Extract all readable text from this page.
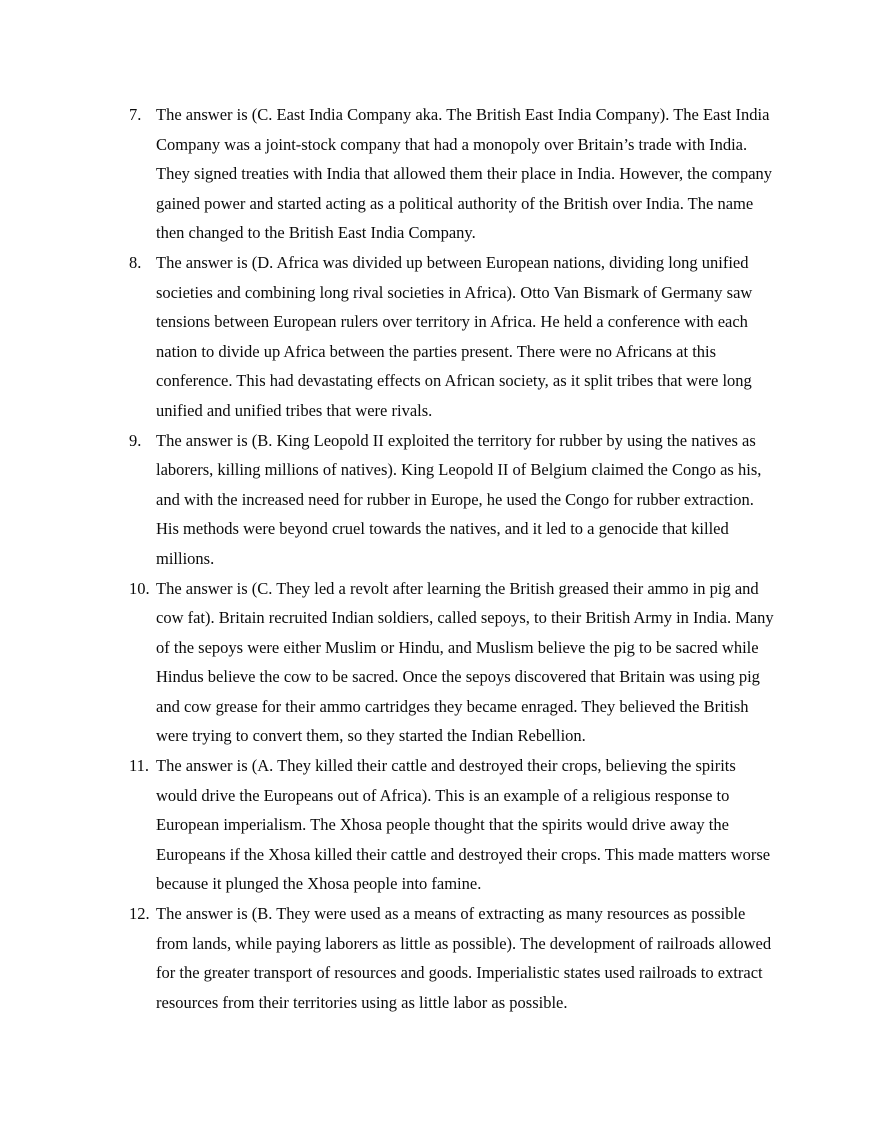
7. The answer is (C. East India Company aka. The British East India Company). The East India Company was a joint-stock company that had a monopoly over Britain’s trade with India. They signed treaties with India that allowed them their place in India. However, the company gained power and started acting as a political authority of the British over India. The name then changed to the British East India Company.
8. The answer is (D. Africa was divided up between European nations, dividing long unified societies and combining long rival societies in Africa). Otto Van Bismark of Germany saw tensions between European rulers over territory in Africa. He held a conference with each nation to divide up Africa between the parties present. There were no Africans at this conference. This had devastating effects on African society, as it split tribes that were long unified and unified tribes that were rivals.
9. The answer is (B. King Leopold II exploited the territory for rubber by using the natives as laborers, killing millions of natives). King Leopold II of Belgium claimed the Congo as his, and with the increased need for rubber in Europe, he used the Congo for rubber extraction. His methods were beyond cruel towards the natives, and it led to a genocide that killed millions.
10. The answer is (C. They led a revolt after learning the British greased their ammo in pig and cow fat). Britain recruited Indian soldiers, called sepoys, to their British Army in India. Many of the sepoys were either Muslim or Hindu, and Muslism believe the pig to be sacred while Hindus believe the cow to be sacred. Once the sepoys discovered that Britain was using pig and cow grease for their ammo cartridges they became enraged. They believed the British were trying to convert them, so they started the Indian Rebellion.
11. The answer is (A. They killed their cattle and destroyed their crops, believing the spirits would drive the Europeans out of Africa). This is an example of a religious response to European imperialism. The Xhosa people thought that the spirits would drive away the Europeans if the Xhosa killed their cattle and destroyed their crops. This made matters worse because it plunged the Xhosa people into famine.
12. The answer is (B. They were used as a means of extracting as many resources as possible from lands, while paying laborers as little as possible). The development of railroads allowed for the greater transport of resources and goods. Imperialistic states used railroads to extract resources from their territories using as little labor as possible.
